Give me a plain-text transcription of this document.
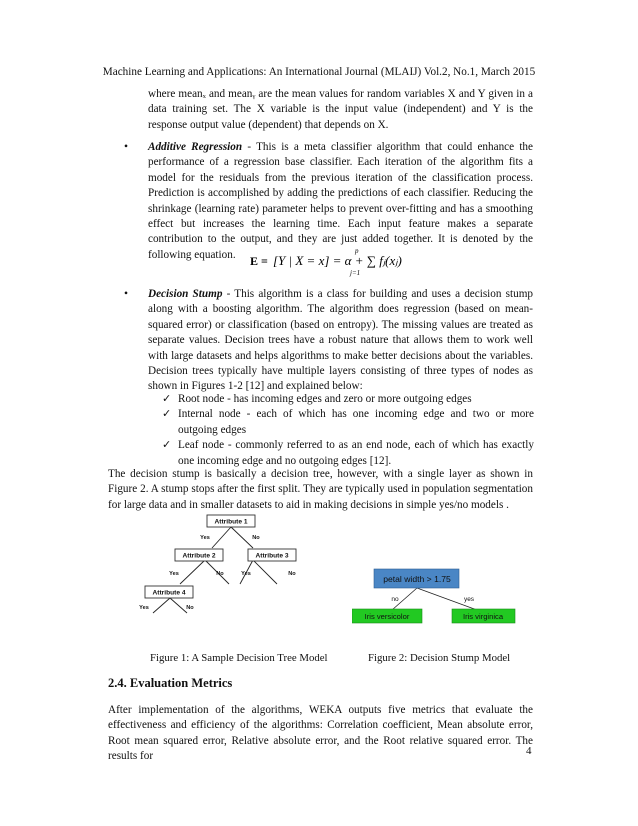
Machine Learning and Applications: An International Journal (MLAIJ) Vol.2, No.1, March 2015
where meanₓ and meanᵧ are the mean values for random variables X and Y given in a data training set. The X variable is the input value (independent) and Y is the response output value (dependent) that depends on X.
• Additive Regression - This is a meta classifier algorithm that could enhance the performance of a regression base classifier. Each iteration of the algorithm fits a model for the residuals from the previous iteration of the classification process. Prediction is accomplished by adding the predictions of each classifier. Reducing the shrinkage (learning rate) parameter helps to prevent over-fitting and has a smoothing effect but increases the learning time. Each input feature makes a separate contribution to the output, and they are just added together. It is denoted by the following equation.	E = [Y | X = x] = α + ∑ fⱼ(xⱼ)
p
j=1
• Decision Stump - This algorithm is a class for building and uses a decision stump along with a boosting algorithm. The algorithm does regression (based on mean-squared error) or classification (based on entropy). The missing values are treated as separate values. Decision trees have a robust nature that allows them to work well with large datasets and helps algorithms to make better decisions about the variables. Decision trees typically have multiple layers consisting of three types of nodes as shown in Figures 1-2 [12] and explained below:
✓ Root node - has incoming edges and zero or more outgoing edges
✓ Internal node - each of which has one incoming edge and two or more outgoing edges
✓ Leaf node - commonly referred to as an end node, each of which has exactly one incoming edge and no outgoing edges [12].
The decision stump is basically a decision tree, however, with a single layer as shown in Figure 2. A stump stops after the first split. They are typically used in population segmentation for large data and in smaller datasets to aid in making decisions in simple yes/no models .
Attribute 1
Attribute 2	Attribute 3
Attribute 4
Yes	No
Yes	No	Yes	No
Yes	No
petal width > 1.75
no	yes
Iris versicolor	Iris virginica
Figure 1: A Sample Decision Tree Model	Figure 2: Decision Stump Model
2.4. Evaluation Metrics
After implementation of the algorithms, WEKA outputs five metrics that evaluate the effectiveness and efficiency of the algorithms: Correlation coefficient, Mean absolute error, Root mean squared error, Relative absolute error, and the Root relative squared error. The results for	4
